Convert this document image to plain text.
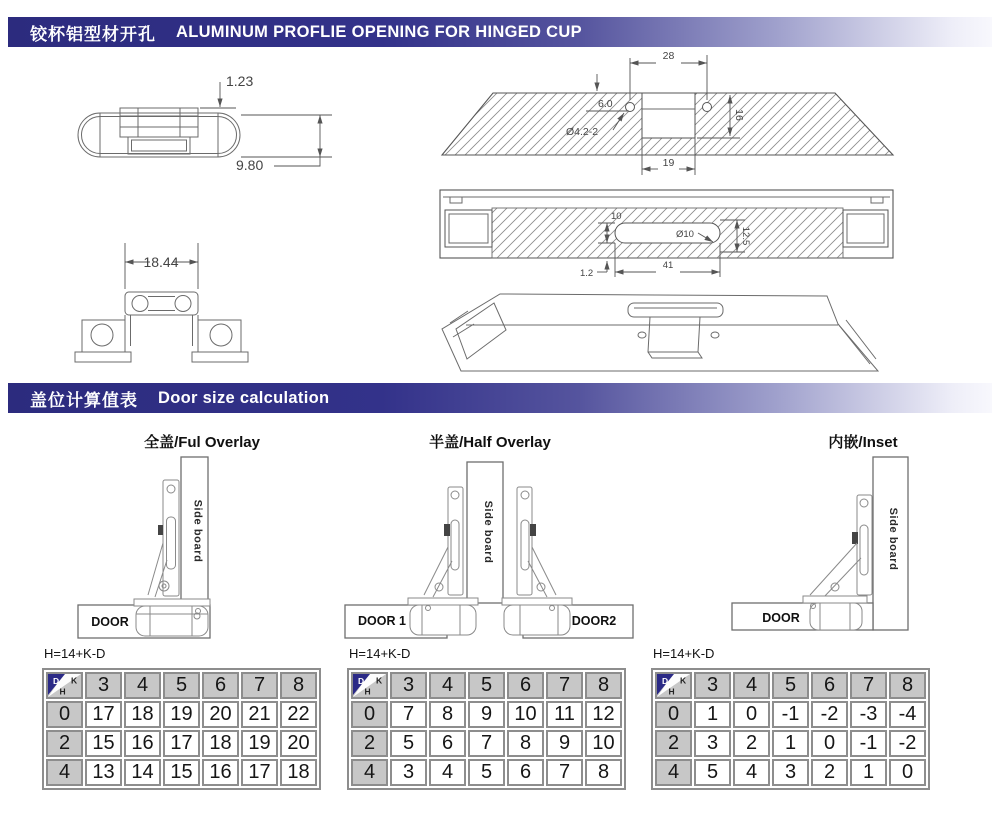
铰杯铝型材开孔 ALUMINUM PROFLIE OPENING FOR HINGED CUP
1.23
9.80
18.44
28
6.0
Ø4.2-2
16
19
10
Ø10	12.5
1.2
41
盖位计算值表 Door size calculation
全盖/Ful Overlay
Side board
DOOR
半盖/Half Overlay
Side board
DOOR 1	DOOR2
内嵌/Inset
Side board
DOOR
H=14+K-D	H=14+K-D	H=14+K-D
D K
H	3	4	5	6	7	8
0	17	18	19	20	21	22
2	15	16	17	18	19	20
4	13	14	15	16	17	18
D K
H	3	4	5	6	7	8
0	7	8	9	10	11	12
2	5	6	7	8	9	10
4	3	4	5	6	7	8
D K
H	3	4	5	6	7	8
0	1	0	-1	-2	-3	-4
2	3	2	1	0	-1	-2
4	5	4	3	2	1	0
